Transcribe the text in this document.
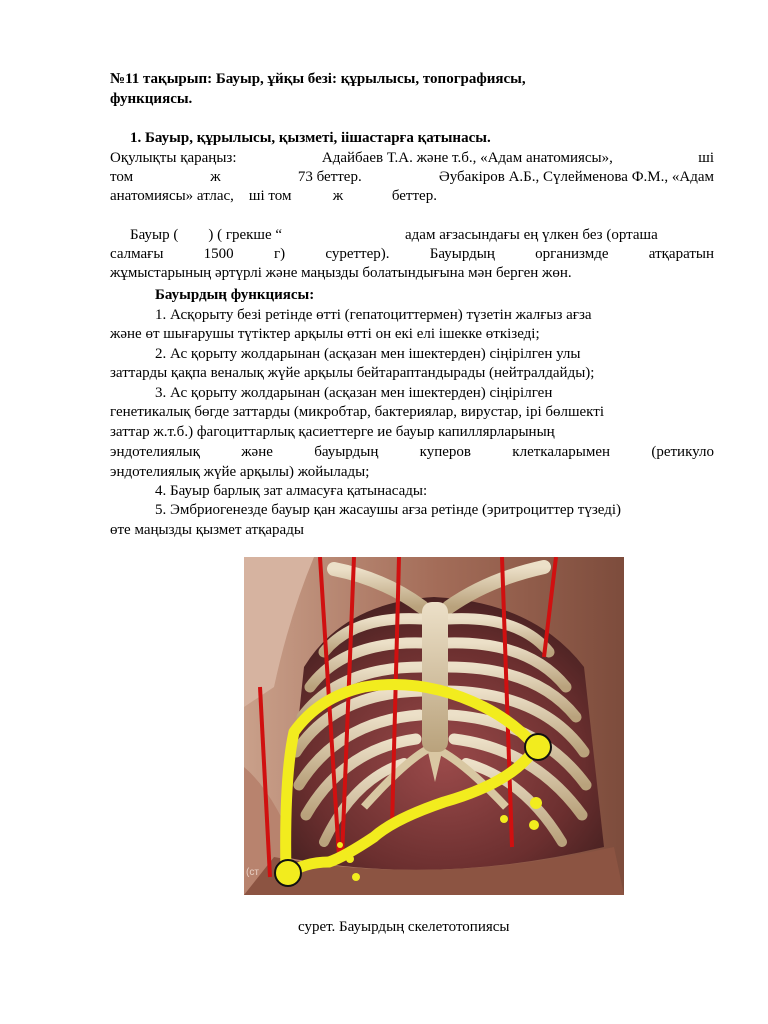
№11 тақырып: Бауыр, ұйқы безі: құрылысы, топографиясы,
функциясы.
1. Бауыр, құрылысы, қызметі, іішастарға қатынасы.
Оқулықты қараңыз:	Адайбаев Т.А. және т.б., «Адам анатомиясы»,	ші
том	ж	73 беттер.	Әубакіров А.Б., Сүлейменова Ф.М., «Адам
анатомиясы» атлас,    ші том           ж             беттер.
Бауыр (        ) ( грекше “	адам ағзасындағы ең үлкен без (орташа
салмағы	1500	г)	суреттер).	Бауырдың	организмде	атқаратын
жұмыстарының әртүрлі және маңызды болатындығына мән берген жөн.
Бауырдың функциясы:
1. Асқорыту безі ретінде өтті (гепатоциттермен) түзетін жалғыз ағза
және өт шығарушы түтіктер арқылы өтті он екі елі ішекке өткізеді;
2. Ас қорыту жолдарынан (асқазан мен ішектерден) сіңірілген улы
заттарды қақпа веналық жүйе арқылы бейтараптандырады (нейтралдайды);
3. Ас қорыту жолдарынан (асқазан мен ішектерден) сіңірілген
генетикалық бөгде заттарды (микробтар, бактериялар, вирустар, ірі бөлшекті
заттар ж.т.б.) фагоциттарлық қасиеттерге ие бауыр капиллярларының
эндотелиялық	және	бауырдың	куперов	клеткаларымен	(ретикуло
эндотелиялық жүйе арқылы) жойылады;
4. Бауыр барлық зат алмасуға қатынасады:
5. Эмбриогенезде бауыр қан жасаушы ағза ретінде (эритроциттер түзеді)
өте маңызды қызмет атқарады
(ст
сурет. Бауырдың скелетотопиясы
